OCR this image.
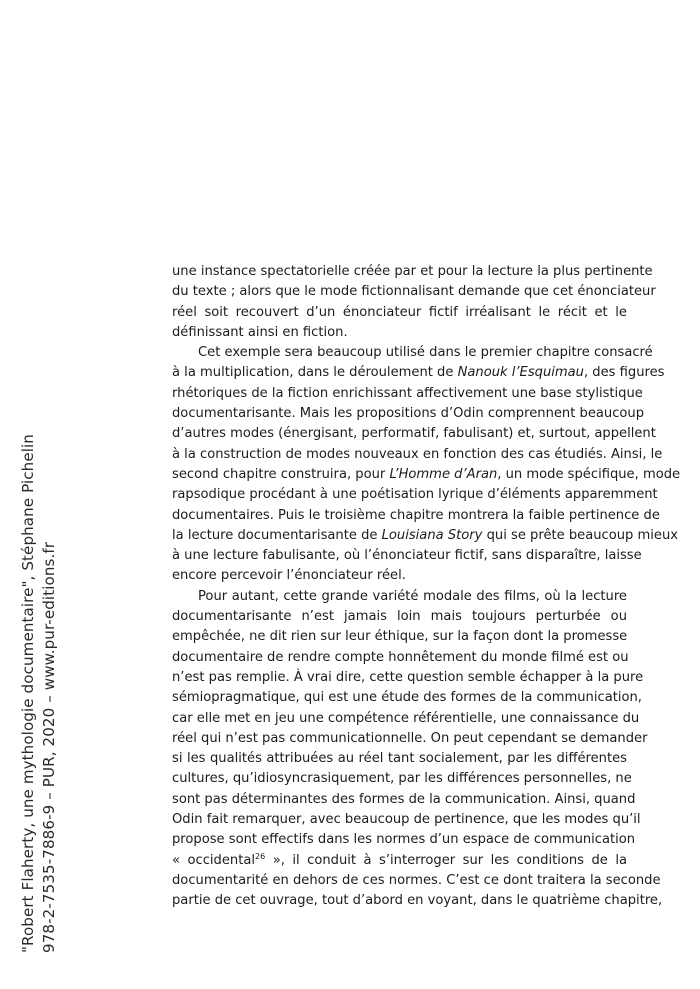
"Robert Flaherty, une mythologie documentaire", Stéphane Pichelin 978-2-7535-7886-9 – PUR, 2020 – www.pur-editions.fr
une instance spectatorielle créée par et pour la lecture la plus pertinente
du texte ; alors que le mode fictionnalisant demande que cet énonciateur
réel soit recouvert d’un énonciateur fictif irréalisant le récit et le
définissant ainsi en fiction.
Cet exemple sera beaucoup utilisé dans le premier chapitre consacré
à la multiplication, dans le déroulement de Nanouk l’Esquimau, des figures
rhétoriques de la fiction enrichissant affectivement une base stylistique
documentarisante. Mais les propositions d’Odin comprennent beaucoup
d’autres modes (énergisant, performatif, fabulisant) et, surtout, appellent
à la construction de modes nouveaux en fonction des cas étudiés. Ainsi, le
second chapitre construira, pour L’Homme d’Aran, un mode spécifique, mode
rapsodique procédant à une poétisation lyrique d’éléments apparemment
documentaires. Puis le troisième chapitre montrera la faible pertinence de
la lecture documentarisante de Louisiana Story qui se prête beaucoup mieux
à une lecture fabulisante, où l’énonciateur fictif, sans disparaître, laisse
encore percevoir l’énonciateur réel.
Pour autant, cette grande variété modale des films, où la lecture
documentarisante n’est jamais loin mais toujours perturbée ou
empêchée, ne dit rien sur leur éthique, sur la façon dont la promesse
documentaire de rendre compte honnêtement du monde filmé est ou
n’est pas remplie. À vrai dire, cette question semble échapper à la pure
sémiopragmatique, qui est une étude des formes de la communication,
car elle met en jeu une compétence référentielle, une connaissance du
réel qui n’est pas communicationnelle. On peut cependant se demander
si les qualités attribuées au réel tant socialement, par les différentes
cultures, qu’idiosyncrasiquement, par les différences personnelles, ne
sont pas déterminantes des formes de la communication. Ainsi, quand
Odin fait remarquer, avec beaucoup de pertinence, que les modes qu’il
propose sont effectifs dans les normes d’un espace de communication
« occidental$^{26}$ », il conduit à s’interroger sur les conditions de la
documentarité en dehors de ces normes. C’est ce dont traitera la seconde
partie de cet ouvrage, tout d’abord en voyant, dans le quatrième chapitre,
